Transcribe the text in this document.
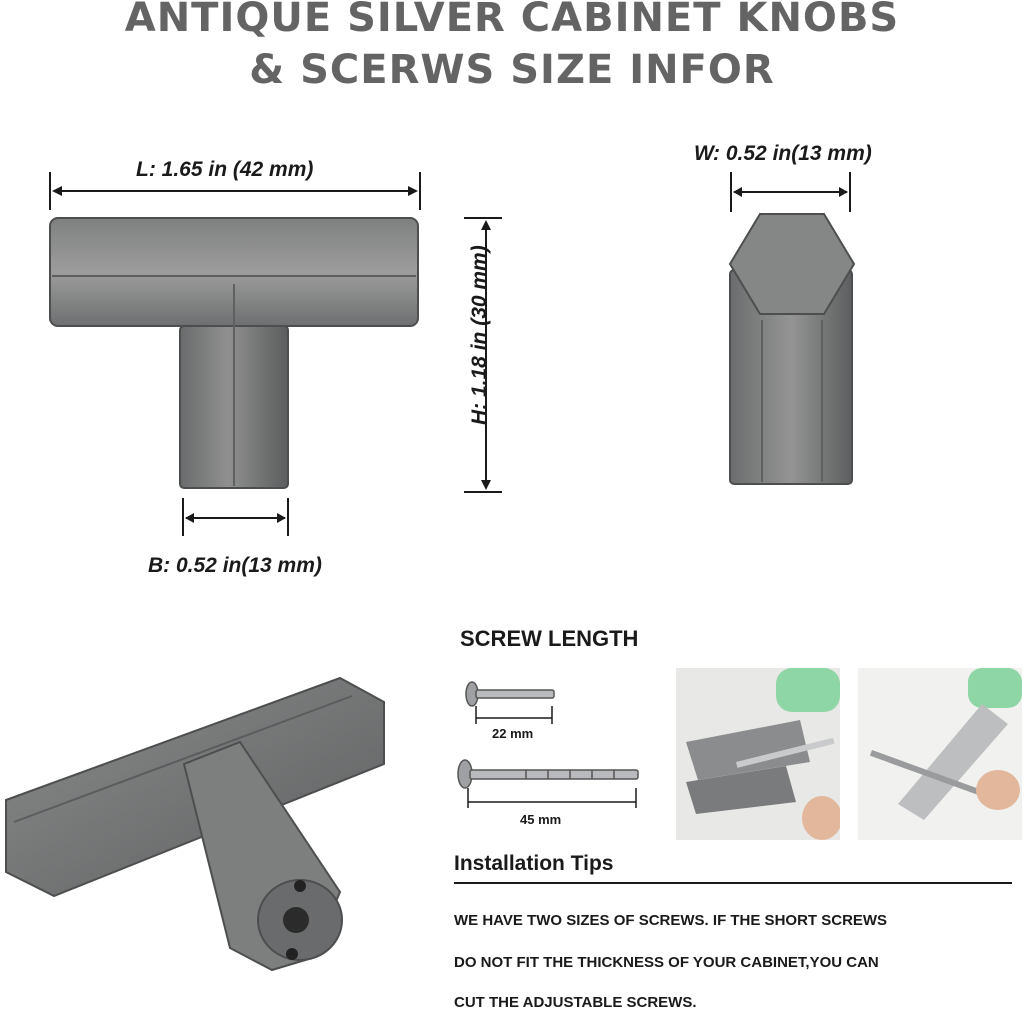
ANTIQUE SILVER CABINET KNOBS
& SCERWS SIZE INFOR
L: 1.65 in (42 mm)
H: 1.18 in (30 mm)
B: 0.52 in(13 mm)
W: 0.52 in(13 mm)
SCREW LENGTH
22 mm
45 mm
Installation Tips
WE HAVE TWO SIZES OF SCREWS. IF THE SHORT SCREWS
DO NOT FIT THE THICKNESS OF YOUR CABINET,YOU CAN
CUT THE ADJUSTABLE SCREWS.
